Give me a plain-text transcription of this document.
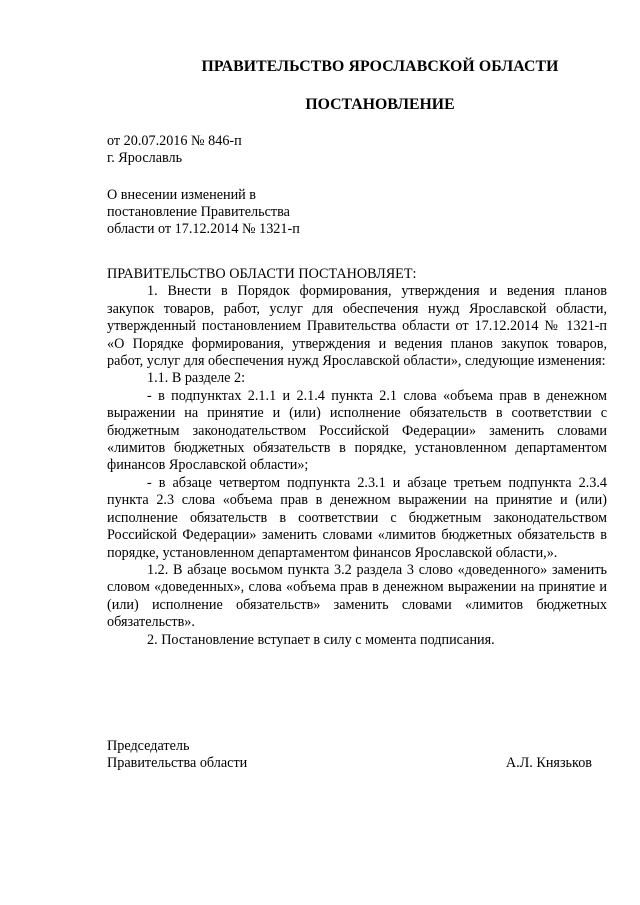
ПРАВИТЕЛЬСТВО ЯРОСЛАВСКОЙ ОБЛАСТИ
ПОСТАНОВЛЕНИЕ
от 20.07.2016 № 846-п
г. Ярославль
О внесении изменений в
постановление Правительства
области от 17.12.2014 № 1321-п

ПРАВИТЕЛЬСТВО ОБЛАСТИ ПОСТАНОВЛЯЕТ:

1. Внести в Порядок формирования, утверждения и ведения планов закупок товаров, работ, услуг для обеспечения нужд Ярославской области, утвержденный постановлением Правительства области от 17.12.2014 № 1321-п «О Порядке формирования, утверждения и ведения планов закупок товаров, работ, услуг для обеспечения нужд Ярославской области», следующие изменения:

1.1. В разделе 2:

- в подпунктах 2.1.1 и 2.1.4 пункта 2.1 слова «объема прав в денежном выражении на принятие и (или) исполнение обязательств в соответствии с бюджетным законодательством Российской Федерации» заменить словами «лимитов бюджетных обязательств в порядке, установленном департаментом финансов Ярославской области»;

- в абзаце четвертом подпункта 2.3.1 и абзаце третьем подпункта 2.3.4 пункта 2.3 слова «объема прав в денежном выражении на принятие и (или) исполнение обязательств в соответствии с бюджетным законодательством Российской Федерации» заменить словами «лимитов бюджетных обязательств в порядке, установленном департаментом финансов Ярославской области,».

1.2. В абзаце восьмом пункта 3.2 раздела 3 слово «доведенного» заменить словом «доведенных», слова «объема прав в денежном выражении на принятие и (или) исполнение обязательств» заменить словами «лимитов бюджетных обязательств».

2. Постановление вступает в силу с момента подписания.

Председатель
Правительства области	А.Л. Князьков
